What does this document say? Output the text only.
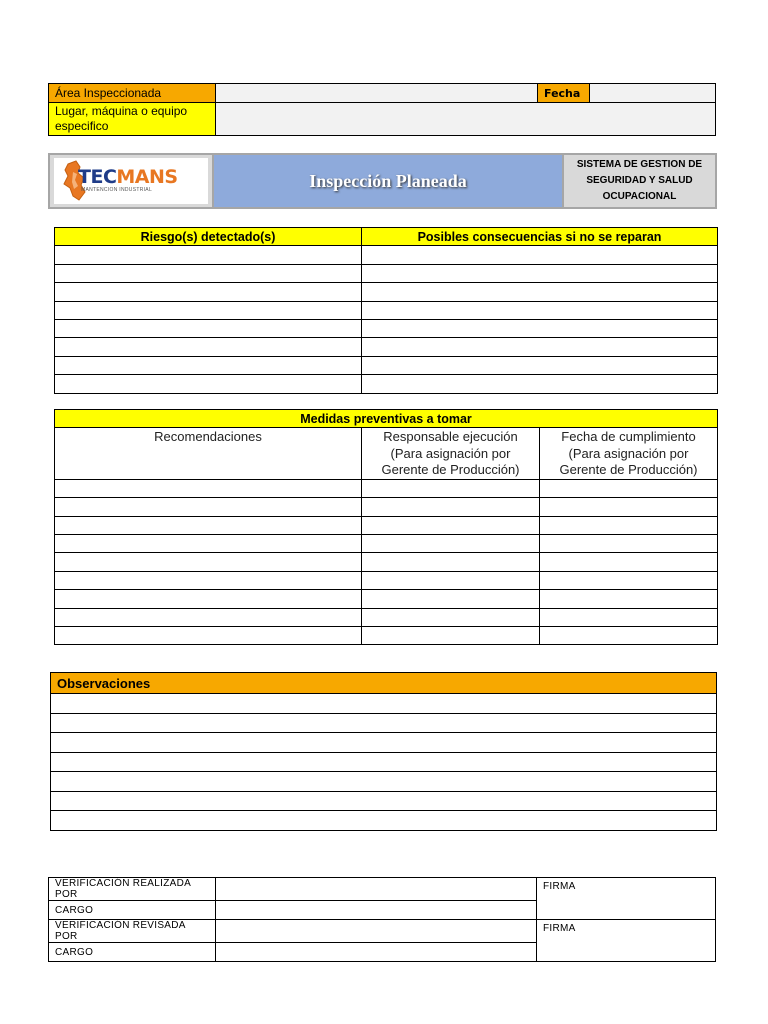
Área Inspeccionada		Fecha	
Lugar, máquina o equipo especifico			
TECMANS
MANTENCION INDUSTRIAL	Inspección Planeada
SISTEMA DE GESTION DE SEGURIDAD Y SALUD OCUPACIONAL
Riesgo(s) detectado(s)	Posibles consecuencias si no se reparan

Medidas preventivas a tomar		
Recomendaciones	Responsable ejecución (Para asignación por Gerente de Producción)	Fecha de cumplimiento (Para asignación por Gerente de Producción)

Observaciones

VERIFICACIÓN REALIZADA POR		FIRMA
CARGO		
VERIFICACIÓN REVISADA POR		FIRMA
CARGO		
